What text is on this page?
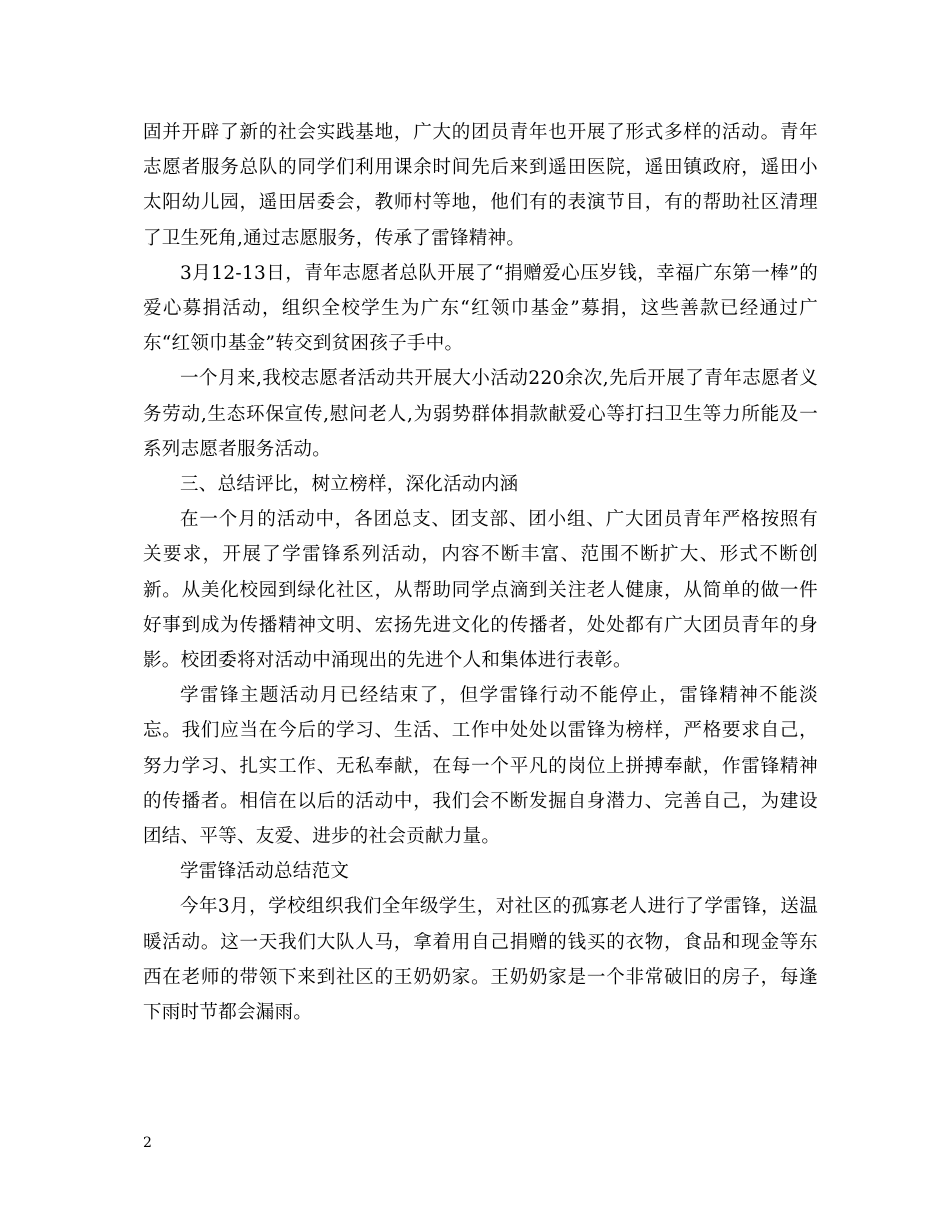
固并开辟了新的社会实践基地，广大的团员青年也开展了形式多样的活动。青年志愿者服务总队的同学们利用课余时间先后来到遥田医院，遥田镇政府，遥田小太阳幼儿园，遥田居委会，教师村等地，他们有的表演节目，有的帮助社区清理了卫生死角,通过志愿服务，传承了雷锋精神。

3月12-13日，青年志愿者总队开展了“捐赠爱心压岁钱，幸福广东第一棒”的爱心募捐活动，组织全校学生为广东“红领巾基金”募捐，这些善款已经通过广东“红领巾基金”转交到贫困孩子手中。

一个月来,我校志愿者活动共开展大小活动220余次,先后开展了青年志愿者义务劳动,生态环保宣传,慰问老人,为弱势群体捐款献爱心等打扫卫生等力所能及一系列志愿者服务活动。

三、总结评比，树立榜样，深化活动内涵

在一个月的活动中，各团总支、团支部、团小组、广大团员青年严格按照有关要求，开展了学雷锋系列活动，内容不断丰富、范围不断扩大、形式不断创新。从美化校园到绿化社区，从帮助同学点滴到关注老人健康，从简单的做一件好事到成为传播精神文明、宏扬先进文化的传播者，处处都有广大团员青年的身影。校团委将对活动中涌现出的先进个人和集体进行表彰。

学雷锋主题活动月已经结束了，但学雷锋行动不能停止，雷锋精神不能淡忘。我们应当在今后的学习、生活、工作中处处以雷锋为榜样，严格要求自己，努力学习、扎实工作、无私奉献，在每一个平凡的岗位上拼搏奉献，作雷锋精神的传播者。相信在以后的活动中，我们会不断发掘自身潜力、完善自己，为建设团结、平等、友爱、进步的社会贡献力量。

学雷锋活动总结范文

今年3月，学校组织我们全年级学生，对社区的孤寡老人进行了学雷锋，送温暖活动。这一天我们大队人马，拿着用自己捐赠的钱买的衣物，食品和现金等东西在老师的带领下来到社区的王奶奶家。王奶奶家是一个非常破旧的房子，每逢下雨时节都会漏雨。

2
